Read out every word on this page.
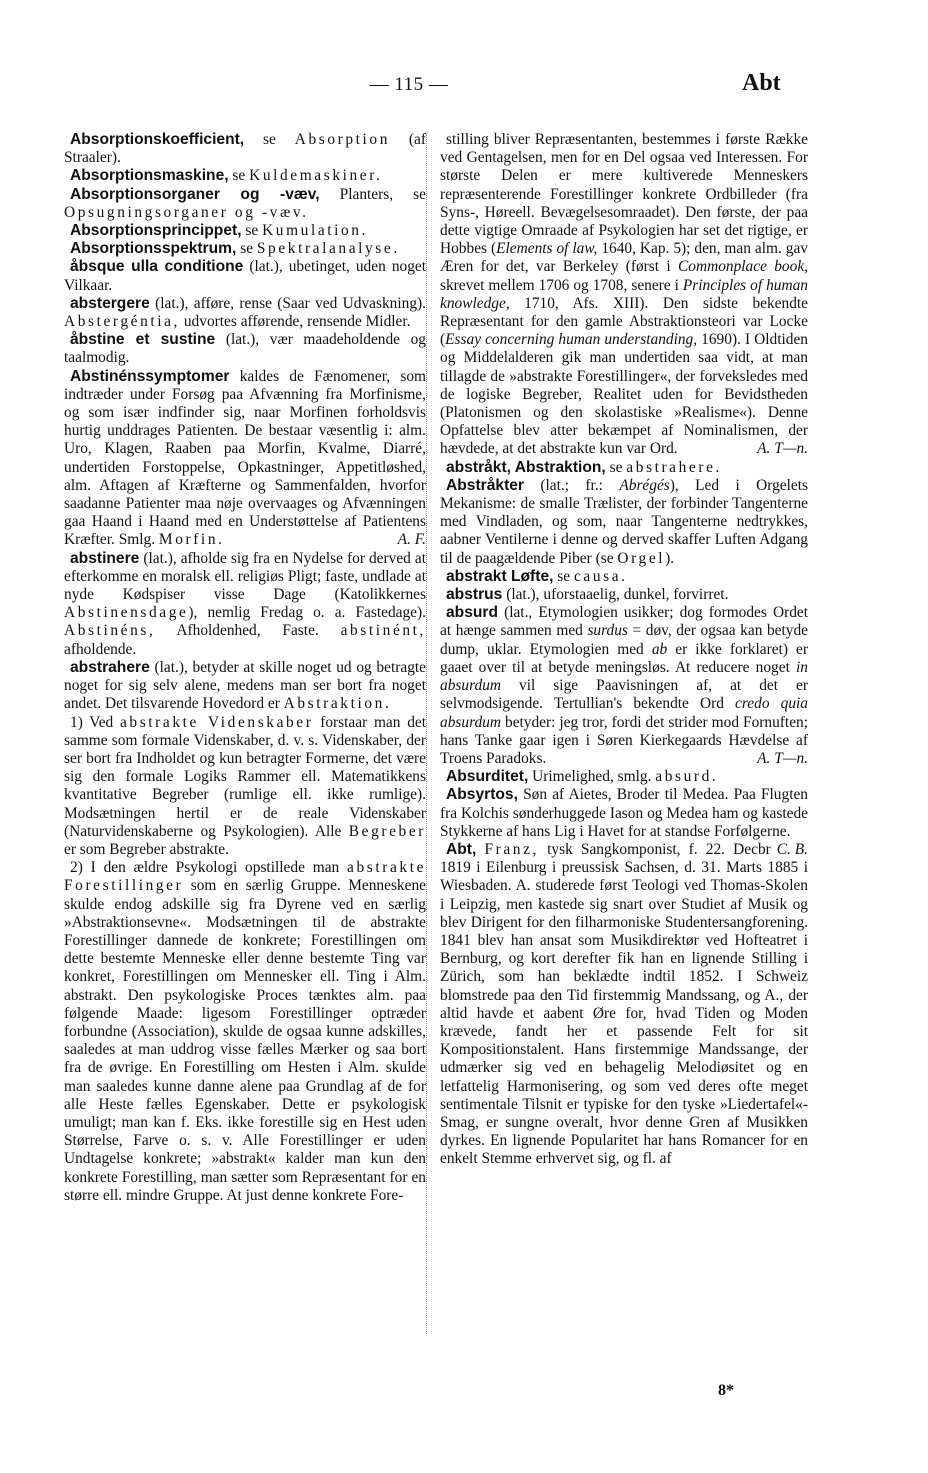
— 115 —	Abt

Absorptionskoefficient, se Absorption (af Straaler).

Absorptionsmaskine, se Kuldemaskiner.

Absorptionsorganer og -væv, Planters, se Opsugningsorganer og -væv.

Absorptionsprincippet, se Kumulation.

Absorptionsspektrum, se Spektralanalyse.

åbsque ulla conditione (lat.), ubetinget, uden noget Vilkaar.

abstergere (lat.), afføre, rense (Saar ved Udvaskning). Abstergéntia, udvortes afførende, rensende Midler.

åbstine et sustine (lat.), vær maadeholdende og taalmodig.

Abstinénssymptomer kaldes de Fænomener, som indtræder under Forsøg paa Afvænning fra Morfinisme, og som især indfinder sig, naar Morfinen forholdsvis hurtig unddrages Patienten. De bestaar væsentlig i: alm. Uro, Klagen, Raaben paa Morfin, Kvalme, Diarré, undertiden Forstoppelse, Opkastninger, Appetitløshed, alm. Aftagen af Kræfterne og Sammenfalden, hvorfor saadanne Patienter maa nøje overvaages og Afvænningen gaa Haand i Haand med en Understøttelse af Patientens Kræfter. Smlg. Morfin.	A. F.

abstinere (lat.), afholde sig fra en Nydelse for derved at efterkomme en moralsk ell. religiøs Pligt; faste, undlade at nyde Kødspiser visse Dage (Katolikkernes Abstinensdage), nemlig Fredag o. a. Fastedage). Abstinéns, Afholdenhed, Faste. abstinént, afholdende.

abstrahere (lat.), betyder at skille noget ud og betragte noget for sig selv alene, medens man ser bort fra noget andet. Det tilsvarende Hovedord er Abstraktion.

1) Ved abstrakte Videnskaber forstaar man det samme som formale Videnskaber, d. v. s. Videnskaber, der ser bort fra Indholdet og kun betragter Formerne, det være sig den formale Logiks Rammer ell. Matematikkens kvantitative Begreber (rumlige ell. ikke rumlige). Modsætningen hertil er de reale Videnskaber (Naturvidenskaberne og Psykologien). Alle Begreber er som Begreber abstrakte.

2) I den ældre Psykologi opstillede man abstrakte Forestillinger som en særlig Gruppe. Menneskene skulde endog adskille sig fra Dyrene ved en særlig »Abstraktionsevne«. Modsætningen til de abstrakte Forestillinger dannede de konkrete; Forestillingen om dette bestemte Menneske eller denne bestemte Ting var konkret, Forestillingen om Mennesker ell. Ting i Alm. abstrakt. Den psykologiske Proces tænktes alm. paa følgende Maade: ligesom Forestillinger optræder forbundne (Association), skulde de ogsaa kunne adskilles, saaledes at man uddrog visse fælles Mærker og saa bort fra de øvrige. En Forestilling om Hesten i Alm. skulde man saaledes kunne danne alene paa Grundlag af de for alle Heste fælles Egenskaber. Dette er psykologisk umuligt; man kan f. Eks. ikke forestille sig en Hest uden Størrelse, Farve o. s. v. Alle Forestillinger er uden Undtagelse konkrete; »abstrakt« kalder man kun den konkrete Forestilling, man sætter som Repræsentant for en større ell. mindre Gruppe. At just denne konkrete Fore-

stilling bliver Repræsentanten, bestemmes i første Række ved Gentagelsen, men for en Del ogsaa ved Interessen. For største Delen er mere kultiverede Menneskers repræsenterende Forestillinger konkrete Ordbilleder (fra Syns-, Høreell. Bevægelsesomraadet). Den første, der paa dette vigtige Omraade af Psykologien har set det rigtige, er Hobbes (Elements of law, 1640, Kap. 5); den, man alm. gav Æren for det, var Berkeley (først i Commonplace book, skrevet mellem 1706 og 1708, senere i Principles of human knowledge, 1710, Afs. XIII). Den sidste bekendte Repræsentant for den gamle Abstraktionsteori var Locke (Essay concerning human understanding, 1690). I Oldtiden og Middelalderen gik man undertiden saa vidt, at man tillagde de »abstrakte Forestillinger«, der forveksledes med de logiske Begreber, Realitet uden for Bevidstheden (Platonismen og den skolastiske »Realisme«). Denne Opfattelse blev atter bekæmpet af Nominalismen, der hævdede, at det abstrakte kun var Ord.	A. T—n.

abstråkt, Abstraktion, se abstrahere.

Abstråkter (lat.; fr.: Abrégés), Led i Orgelets Mekanisme: de smalle Trælister, der forbinder Tangenterne med Vindladen, og som, naar Tangenterne nedtrykkes, aabner Ventilerne i denne og derved skaffer Luften Adgang til de paagældende Piber (se Orgel).

abstrakt Løfte, se causa.

abstrus (lat.), uforstaaelig, dunkel, forvirret.

absurd (lat., Etymologien usikker; dog formodes Ordet at hænge sammen med surdus = døv, der ogsaa kan betyde dump, uklar. Etymologien med ab er ikke forklaret) er gaaet over til at betyde meningsløs. At reducere noget in absurdum vil sige Paavisningen af, at det er selvmodsigende. Tertullian's bekendte Ord credo quia absurdum betyder: jeg tror, fordi det strider mod Fornuften; hans Tanke gaar igen i Søren Kierkegaards Hævdelse af Troens Paradoks.	A. T—n.

Absurditet, Urimelighed, smlg. absurd.

Absyrtos, Søn af Aietes, Broder til Medea. Paa Flugten fra Kolchis sønderhuggede Iason og Medea ham og kastede Stykkerne af hans Lig i Havet for at standse Forfølgerne.
C. B.

Abt, Franz, tysk Sangkomponist, f. 22. Decbr 1819 i Eilenburg i preussisk Sachsen, d. 31. Marts 1885 i Wiesbaden. A. studerede først Teologi ved Thomas-Skolen i Leipzig, men kastede sig snart over Studiet af Musik og blev Dirigent for den filharmoniske Studentersangforening. 1841 blev han ansat som Musikdirektør ved Hofteatret i Bernburg, og kort derefter fik han en lignende Stilling i Zürich, som han beklædte indtil 1852. I Schweiz blomstrede paa den Tid firstemmig Mandssang, og A., der altid havde et aabent Øre for, hvad Tiden og Moden krævede, fandt her et passende Felt for sit Kompositionstalent. Hans firstemmige Mandssange, der udmærker sig ved en behagelig Melodiøsitet og en letfattelig Harmonisering, og som ved deres ofte meget sentimentale Tilsnit er typiske for den tyske »Liedertafel«-Smag, er sungne overalt, hvor denne Gren af Musikken dyrkes. En lignende Popularitet har hans Romancer for en enkelt Stemme erhvervet sig, og fl. af

8*
